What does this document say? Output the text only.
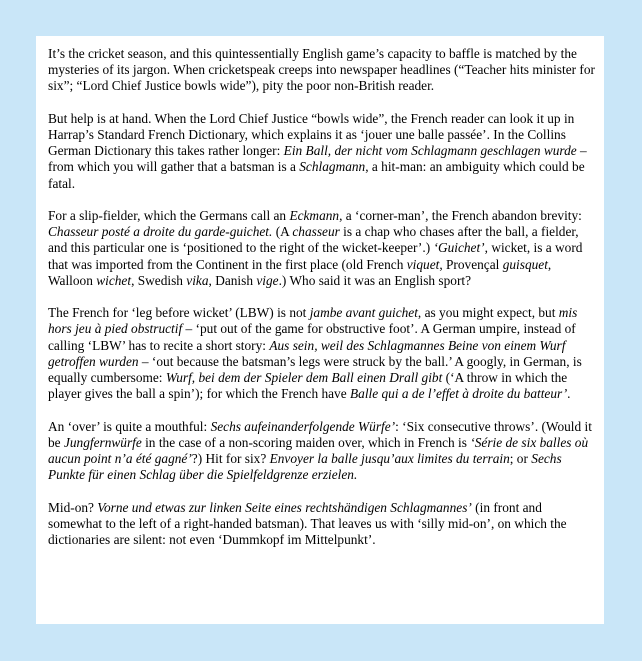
It’s the cricket season, and this quintessentially English game’s capacity to baffle is matched by the mysteries of its jargon. When cricketspeak creeps into newspaper headlines (“Teacher hits minister for six”; “Lord Chief Justice bowls wide”), pity the poor non-British reader.

But help is at hand. When the Lord Chief Justice “bowls wide”, the French reader can look it up in Harrap’s Standard French Dictionary, which explains it as ‘jouer une balle passée’. In the Collins German Dictionary this takes rather longer: Ein Ball, der nicht vom Schlagmann geschlagen wurde – from which you will gather that a batsman is a Schlagmann, a hit-man: an ambiguity which could be fatal.

For a slip-fielder, which the Germans call an Eckmann, a ‘corner-man’, the French abandon brevity: Chasseur posté a droite du garde-guichet. (A chasseur is a chap who chases after the ball, a fielder, and this particular one is ‘positioned to the right of the wicket-keeper’.) ‘Guichet’, wicket, is a word that was imported from the Continent in the first place (old French viquet, Provençal guisquet, Walloon wichet, Swedish vika, Danish vige.) Who said it was an English sport?

The French for ‘leg before wicket’ (LBW) is not jambe avant guichet, as you might expect, but mis hors jeu à pied obstructif – ‘put out of the game for obstructive foot’. A German umpire, instead of calling ‘LBW’ has to recite a short story: Aus sein, weil des Schlagmannes Beine von einem Wurf getroffen wurden – ‘out because the batsman’s legs were struck by the ball.’ A googly, in German, is equally cumbersome: Wurf, bei dem der Spieler dem Ball einen Drall gibt (‘A throw in which the player gives the ball a spin’); for which the French have Balle qui a de l’effet à droite du batteur’.

An ‘over’ is quite a mouthful: Sechs aufeinanderfolgende Würfe’: ‘Six consecutive throws’. (Would it be Jungfernwürfe in the case of a non-scoring maiden over, which in French is ‘Série de six balles où aucun point n’a été gagné’?) Hit for six? Envoyer la balle jusqu’aux limites du terrain; or Sechs Punkte für einen Schlag über die Spielfeldgrenze erzielen.

Mid-on? Vorne und etwas zur linken Seite eines rechtshändigen Schlagmannes’ (in front and somewhat to the left of a right-handed batsman). That leaves us with ‘silly mid-on’, on which the dictionaries are silent: not even ‘Dummkopf im Mittelpunkt’.
